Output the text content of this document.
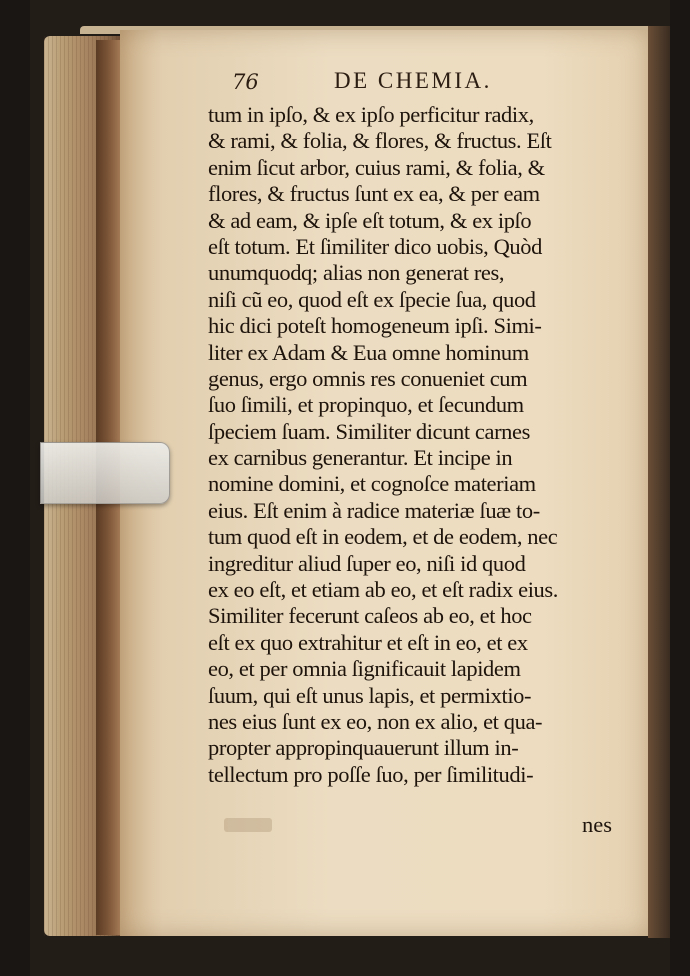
76	DE CHEMIA.
tum in ipſo, & ex ipſo perficitur radix,
& rami, & folia, & flores, & fructus. Eſt
enim ſicut arbor, cuius rami, & folia, &
flores, & fructus ſunt ex ea, & per eam
& ad eam, & ipſe eſt totum, & ex ipſo
eſt totum. Et ſimiliter dico uobis, Quòd
unumquodq; alias non generat res,
niſi cũ eo, quod eſt ex ſpecie ſua, quod
hic dici poteſt homogeneum ipſi. Simi-
liter ex Adam & Eua omne hominum
genus, ergo omnis res conueniet cum
ſuo ſimili, et propinquo, et ſecundum
ſpeciem ſuam. Similiter dicunt carnes
ex carnibus generantur. Et incipe in
nomine domini, et cognoſce materiam
eius. Eſt enim à radice materiæ ſuæ to-
tum quod eſt in eodem, et de eodem, nec
ingreditur aliud ſuper eo, niſi id quod
ex eo eſt, et etiam ab eo, et eſt radix eius.
Similiter fecerunt caſeos ab eo, et hoc
eſt ex quo extrahitur et eſt in eo, et ex
eo, et per omnia ſignificauit lapidem
ſuum, qui eſt unus lapis, et permixtio-
nes eius ſunt ex eo, non ex alio, et qua-
propter appropinquauerunt illum in-
tellectum pro poſſe ſuo, per ſimilitudi-
nes
